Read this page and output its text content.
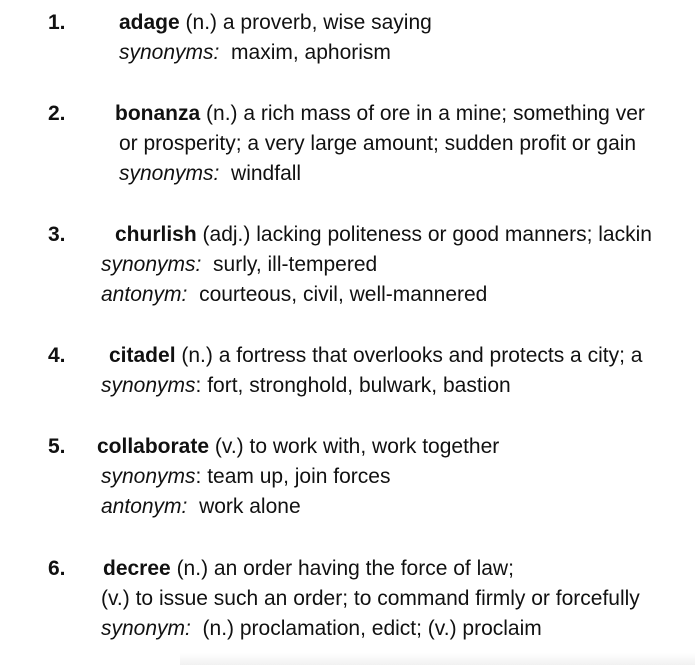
1.	adage (n.) a proverb, wise saying
synonyms: maxim, aphorism
2. bonanza (n.) a rich mass of ore in a mine; something ver
or prosperity; a very large amount; sudden profit or gain
synonyms: windfall
3. churlish (adj.) lacking politeness or good manners; lackin
synonyms: surly, ill-tempered
antonym: courteous, civil, well-mannered
4. citadel (n.) a fortress that overlooks and protects a city; a
synonyms: fort, stronghold, bulwark, bastion
5. collaborate (v.) to work with, work together
synonyms: team up, join forces
antonym: work alone
6. decree (n.) an order having the force of law;
(v.) to issue such an order; to command firmly or forcefully
synonym: (n.) proclamation, edict; (v.) proclaim
